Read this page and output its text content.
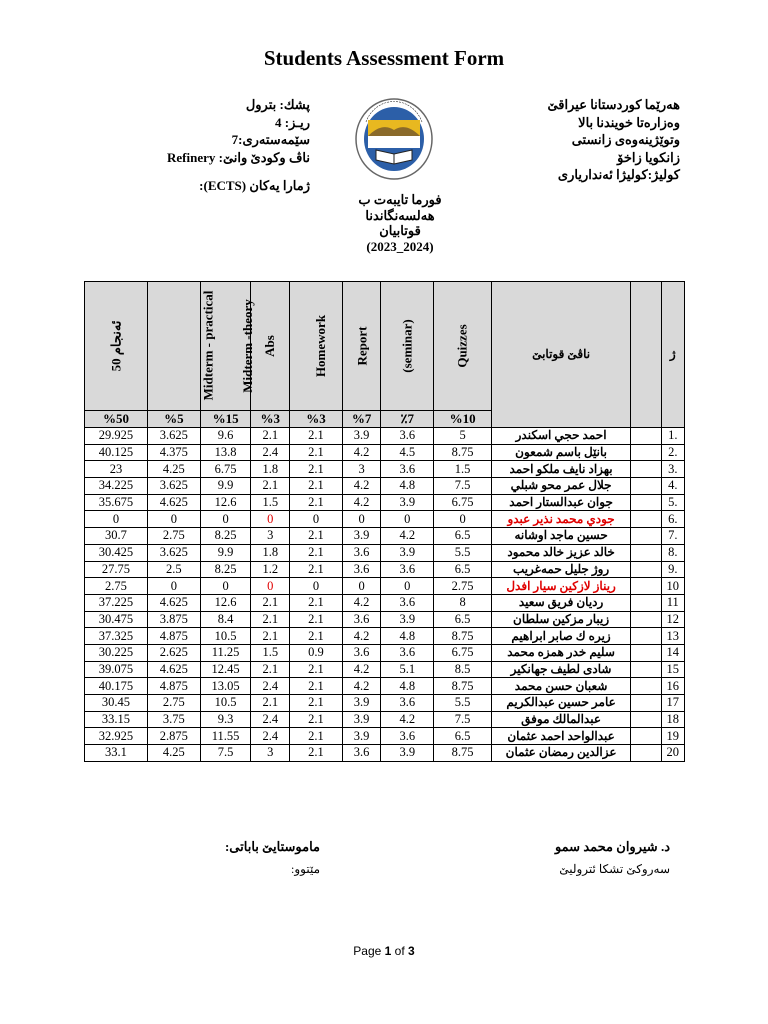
Students Assessment Form
پشك: بترول
ريـز: 4
سێمەستەری:7
ناڤ وكودێ وانێ: Refinery
ژمارا يەكان (ECTS):
هەرێما کوردستانا عیراقێ
وەزارەتا خويندنا بالا
وتوێژينەوەی زانستی
زانكويا زاخۆ
كوليژ:كوليژا ئەنداريارى
فورما تايبەت ب
هەلسەنگاندنا
قوتابيان
(2023_2024)
ئەنجام 50	Midterm - practical	Midterm -theory	Abs	Homework	Report	(seminar)	Quizzes	ناڤێ قوتابێ		ژ
%50	%5	%15	%3	%3	%7	٪7	%10			
29.925	3.625	9.6	2.1	2.1	3.9	3.6	5	احمد حجي اسكندر		1.
40.125	4.375	13.8	2.4	2.1	4.2	4.5	8.75	بانێل باسم شمعون		2.
23	4.25	6.75	1.8	2.1	3	3.6	1.5	بهزاد نايف ملكو احمد		3.
34.225	3.625	9.9	2.1	2.1	4.2	4.8	7.5	جلال عمر محو شبلي		4.
35.675	4.625	12.6	1.5	2.1	4.2	3.9	6.75	جوان عبدالستار احمد		5.
0	0	0	0	0	0	0	0	جودي محمد نذير عبدو		6.
30.7	2.75	8.25	3	2.1	3.9	4.2	6.5	حسين ماجد اوشانه		7.
30.425	3.625	9.9	1.8	2.1	3.6	3.9	5.5	خالد عزيز خالد محمود		8.
27.75	2.5	8.25	1.2	2.1	3.6	3.6	6.5	روژ جليل حمەغريب		9.
2.75	0	0	0	0	0	0	2.75	ريناز لازكين سيار افدل		10
37.225	4.625	12.6	2.1	2.1	4.2	3.6	8	رديان فريق سعيد		11
30.475	3.875	8.4	2.1	2.1	3.6	3.9	6.5	زيبار مزكين سلطان		12
37.325	4.875	10.5	2.1	2.1	4.2	4.8	8.75	زيره ك صابر ابراهيم		13
30.225	2.625	11.25	1.5	0.9	3.6	3.6	6.75	سليم خدر همزه محمد		14
39.075	4.625	12.45	2.1	2.1	4.2	5.1	8.5	شادی لطيف جهانكير		15
40.175	4.875	13.05	2.4	2.1	4.2	4.8	8.75	شعبان حسن محمد		16
30.45	2.75	10.5	2.1	2.1	3.9	3.6	5.5	عامر حسين عبدالكريم		17
33.15	3.75	9.3	2.4	2.1	3.9	4.2	7.5	عبدالمالك موفق		18
32.925	2.875	11.55	2.4	2.1	3.9	3.6	6.5	عبدالواحد احمد عثمان		19
33.1	4.25	7.5	3	2.1	3.6	3.9	8.75	عزالدين رمضان عثمان		20
ماموستایێ باباتی:
مێتوو:
د. شيروان محمد سمو
سەروكێ تشكا ئتروليێ
Page 1 of 3
